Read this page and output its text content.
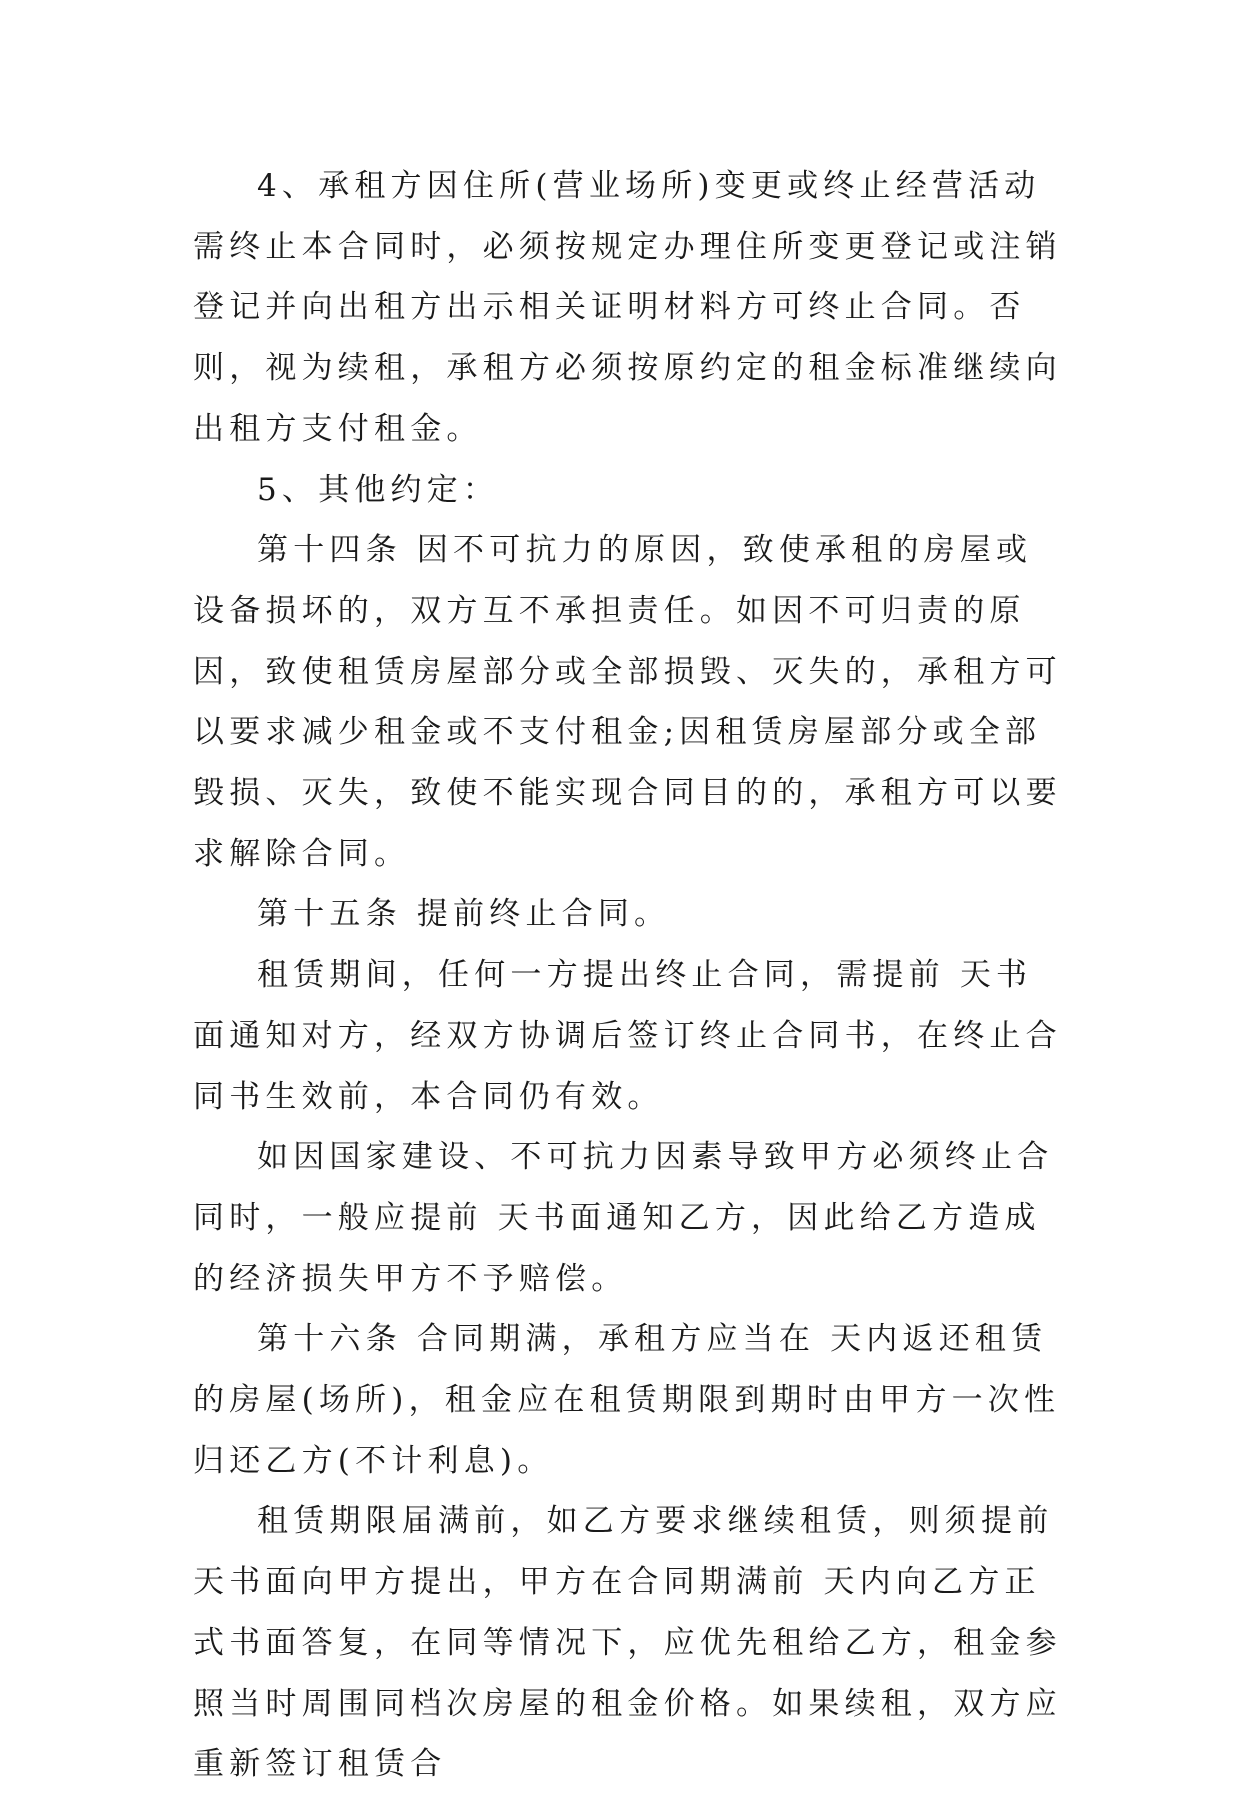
4、承租方因住所(营业场所)变更或终止经营活动需终止本合同时，必须按规定办理住所变更登记或注销登记并向出租方出示相关证明材料方可终止合同。否则，视为续租，承租方必须按原约定的租金标准继续向出租方支付租金。

5、其他约定：

第十四条 因不可抗力的原因，致使承租的房屋或设备损坏的，双方互不承担责任。如因不可归责的原因，致使租赁房屋部分或全部损毁、灭失的，承租方可以要求减少租金或不支付租金;因租赁房屋部分或全部毁损、灭失，致使不能实现合同目的的，承租方可以要求解除合同。

第十五条 提前终止合同。

租赁期间，任何一方提出终止合同，需提前 天书面通知对方，经双方协调后签订终止合同书，在终止合同书生效前，本合同仍有效。

如因国家建设、不可抗力因素导致甲方必须终止合同时，一般应提前 天书面通知乙方，因此给乙方造成的经济损失甲方不予赔偿。

第十六条 合同期满，承租方应当在 天内返还租赁的房屋(场所)，租金应在租赁期限到期时由甲方一次性归还乙方(不计利息)。

租赁期限届满前，如乙方要求继续租赁，则须提前 天书面向甲方提出，甲方在合同期满前 天内向乙方正式书面答复，在同等情况下，应优先租给乙方，租金参照当时周围同档次房屋的租金价格。如果续租，双方应重新签订租赁合
